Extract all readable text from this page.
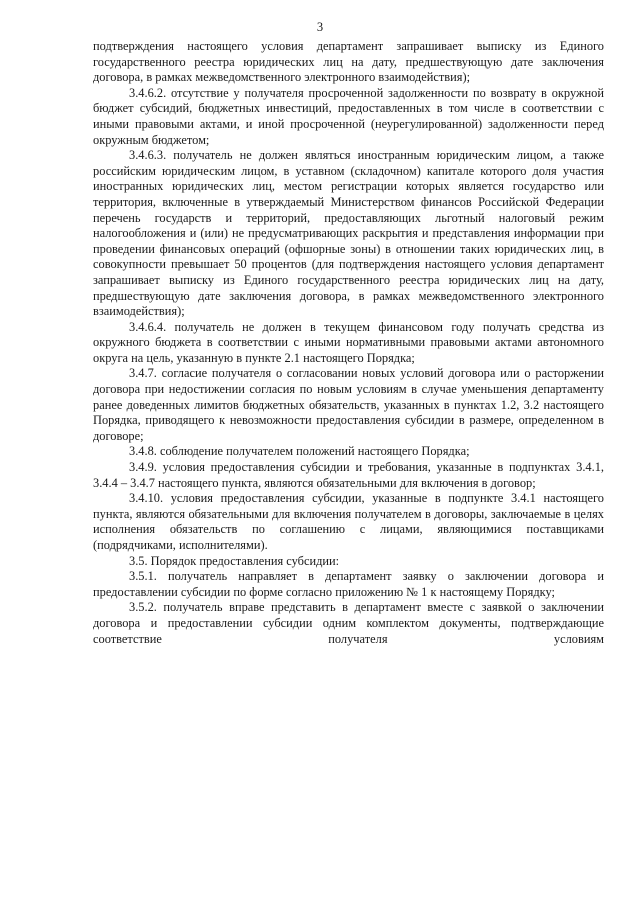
3

подтверждения настоящего условия департамент запрашивает выписку из Единого государственного реестра юридических лиц на дату, предшествующую дате заключения договора, в рамках межведомственного электронного взаимодействия);

3.4.6.2. отсутствие у получателя просроченной задолженности по возврату в окружной бюджет субсидий, бюджетных инвестиций, предоставленных в том числе в соответствии с иными правовыми актами, и иной просроченной (неурегулированной) задолженности перед окружным бюджетом;

3.4.6.3. получатель не должен являться иностранным юридическим лицом, а также российским юридическим лицом, в уставном (складочном) капитале которого доля участия иностранных юридических лиц, местом регистрации которых является государство или территория, включенные в утверждаемый Министерством финансов Российской Федерации перечень государств и территорий, предоставляющих льготный налоговый режим налогообложения и (или) не предусматривающих раскрытия и представления информации при проведении финансовых операций (офшорные зоны) в отношении таких юридических лиц, в совокупности превышает 50 процентов (для подтверждения настоящего условия департамент запрашивает выписку из Единого государственного реестра юридических лиц на дату, предшествующую дате заключения договора, в рамках межведомственного электронного взаимодействия);

3.4.6.4. получатель не должен в текущем финансовом году получать средства из окружного бюджета в соответствии с иными нормативными правовыми актами автономного округа на цель, указанную в пункте 2.1 настоящего Порядка;

3.4.7. согласие получателя о согласовании новых условий договора или о расторжении договора при недостижении согласия по новым условиям в случае уменьшения департаменту ранее доведенных лимитов бюджетных обязательств, указанных в пунктах 1.2, 3.2 настоящего Порядка, приводящего к невозможности предоставления субсидии в размере, определенном в договоре;

3.4.8. соблюдение получателем положений настоящего Порядка;

3.4.9. условия предоставления субсидии и требования, указанные в подпунктах 3.4.1, 3.4.4 – 3.4.7 настоящего пункта, являются обязательными для включения в договор;

3.4.10. условия предоставления субсидии, указанные в подпункте 3.4.1 настоящего пункта, являются обязательными для включения получателем в договоры, заключаемые в целях исполнения обязательств по соглашению с лицами, являющимися поставщиками (подрядчиками, исполнителями).

3.5. Порядок предоставления субсидии:

3.5.1. получатель направляет в департамент заявку о заключении договора и предоставлении субсидии по форме согласно приложению № 1 к настоящему Порядку;

3.5.2. получатель вправе представить в департамент вместе с заявкой о заключении договора и предоставлении субсидии одним комплектом документы, подтверждающие соответствие получателя условиям
